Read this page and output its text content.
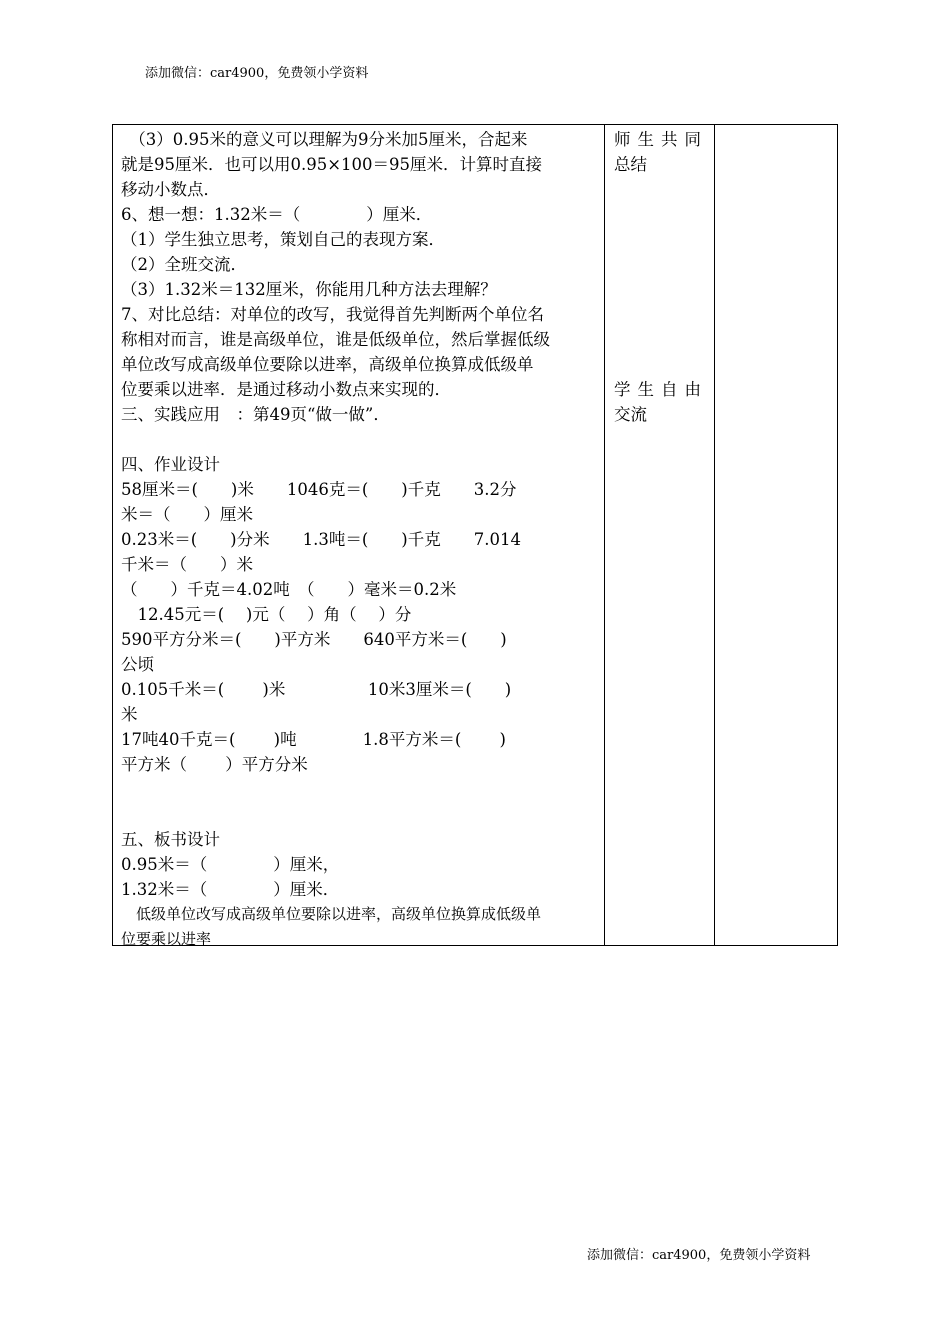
添加微信：car4900，免费领小学资料
　（3）0.95米的意义可以理解为9分米加5厘米，合起来
就是95厘米．也可以用0.95×100＝95厘米．计算时直接
移动小数点．
6、想一想：1.32米＝（　　　　）厘米．
（1）学生独立思考，策划自己的表现方案．
（2）全班交流．
（3）1.32米＝132厘米，你能用几种方法去理解？
7、对比总结：对单位的改写，我觉得首先判断两个单位名
称相对而言，谁是高级单位，谁是低级单位，然后掌握低级
单位改写成高级单位要除以进率，高级单位换算成低级单
位要乘以进率．是通过移动小数点来实现的．
三、实践应用　：第49页“做一做”．
四、作业设计
58厘米＝(　　)米　　1046克＝(　　)千克　　3.2分
米＝（　　）厘米
0.23米＝(　　)分米　　1.3吨＝(　　)千克　　7.014
千米＝（　　）米
（　　）千克＝4.02吨　（　　）毫米＝0.2米
　12.45元＝(　 )元（　 ）角（　 ）分
590平方分米＝(　　)平方米　　640平方米＝(　　)
公顷
0.105千米＝(　　 )米　　　　　10米3厘米＝(　　)
米
17吨40千克＝(　　 )吨　　　　1.8平方米＝(　　 )
平方米（　　 ）平方分米
五、板书设计
0.95米＝（　　　　）厘米，
1.32米＝（　　　　）厘米．
　低级单位改写成高级单位要除以进率，高级单位换算成低级单
位要乘以进率
师生共同
总结
学生自由
交流
添加微信：car4900，免费领小学资料
